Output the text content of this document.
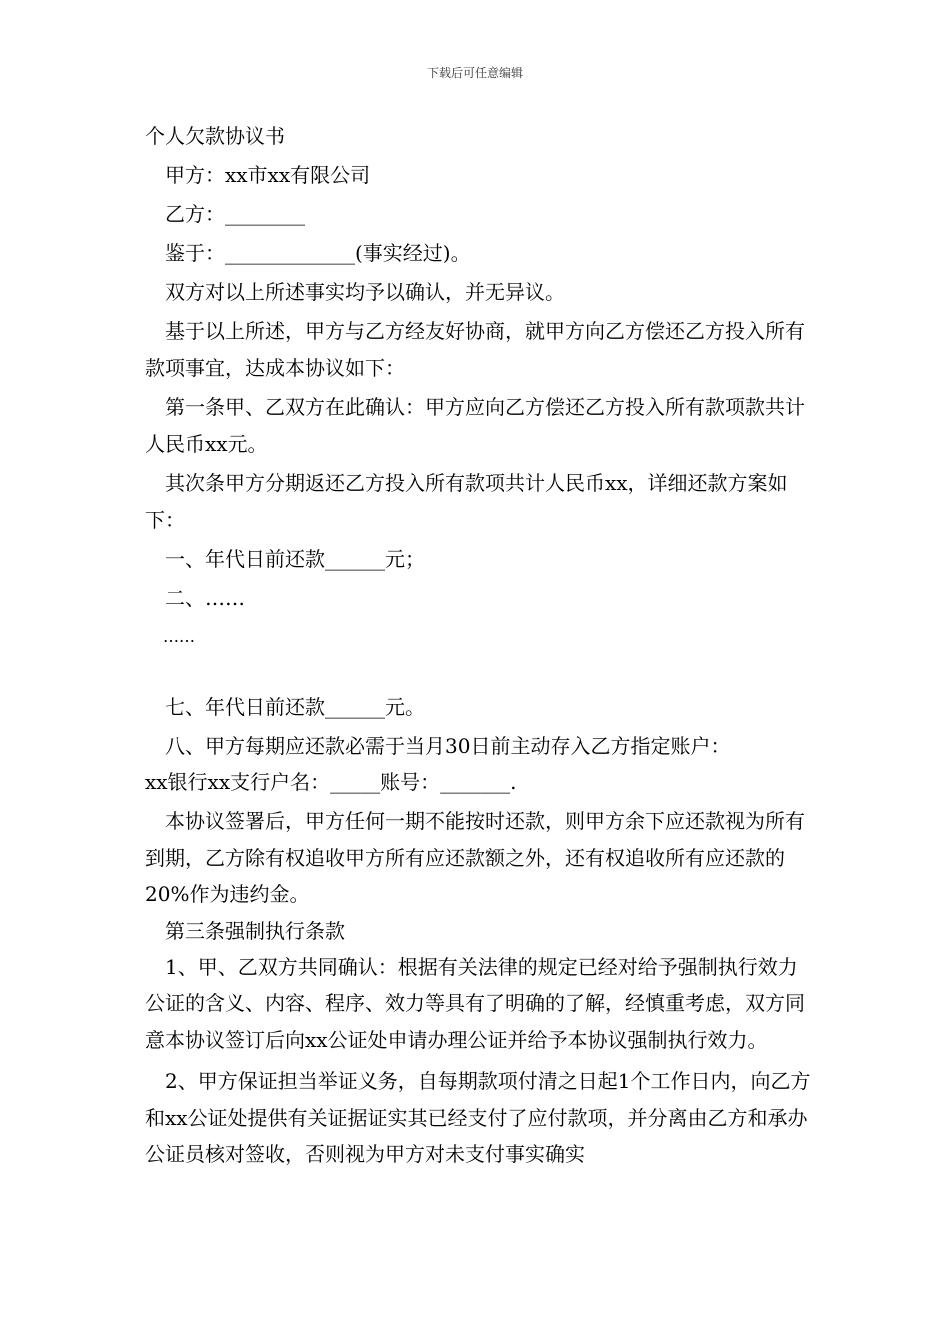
下载后可任意编辑
个人欠款协议书
甲方：xx市xx有限公司
乙方：________
鉴于：_____________(事实经过)。
双方对以上所述事实均予以确认，并无异议。
基于以上所述，甲方与乙方经友好协商，就甲方向乙方偿还乙方投入所有款项事宜，达成本协议如下：
第一条甲、乙双方在此确认：甲方应向乙方偿还乙方投入所有款项款共计人民币xx元。
其次条甲方分期返还乙方投入所有款项共计人民币xx，详细还款方案如下：
一、年代日前还款______元；
二、……
……
七、年代日前还款______元。
八、甲方每期应还款必需于当月30日前主动存入乙方指定账户：
xx银行xx支行户名：_____账号：_______.
本协议签署后，甲方任何一期不能按时还款，则甲方余下应还款视为所有到期，乙方除有权追收甲方所有应还款额之外，还有权追收所有应还款的20%作为违约金。
第三条强制执行条款
1、甲、乙双方共同确认：根据有关法律的规定已经对给予强制执行效力公证的含义、内容、程序、效力等具有了明确的了解，经慎重考虑，双方同意本协议签订后向xx公证处申请办理公证并给予本协议强制执行效力。
2、甲方保证担当举证义务，自每期款项付清之日起1个工作日内，向乙方和xx公证处提供有关证据证实其已经支付了应付款项，并分离由乙方和承办公证员核对签收，否则视为甲方对未支付事实确实
